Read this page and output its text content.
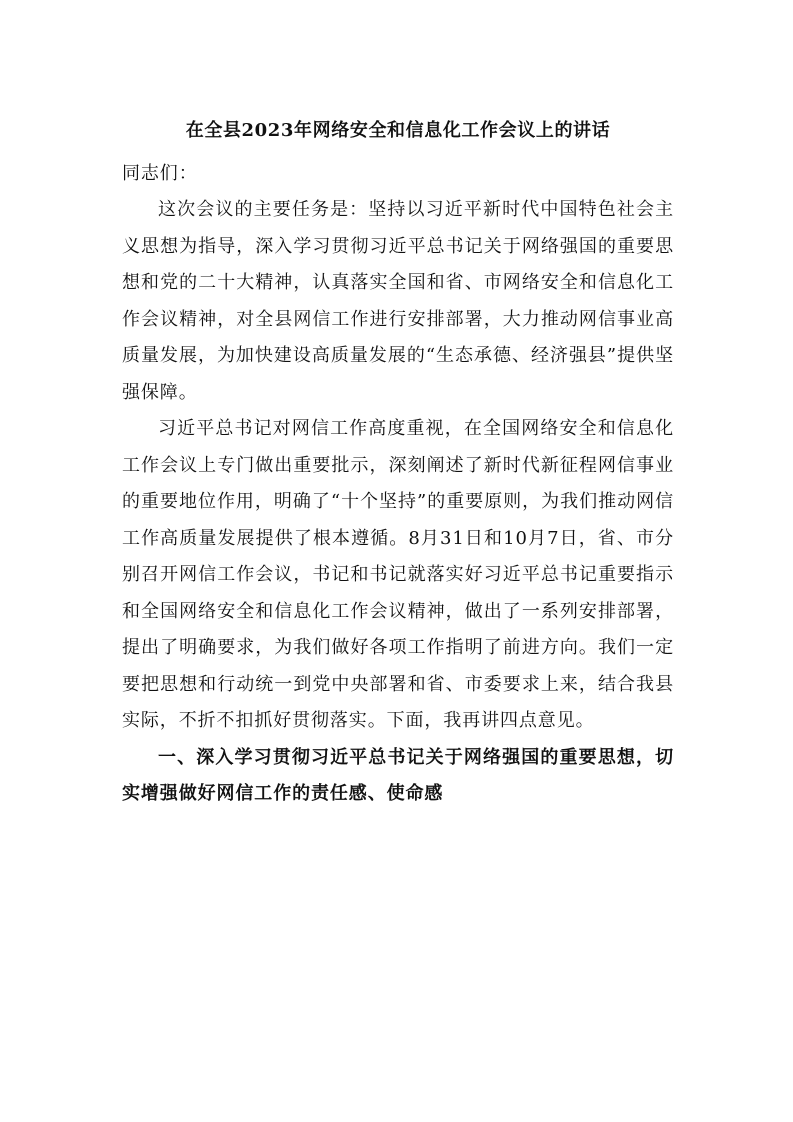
在全县2023年网络安全和信息化工作会议上的讲话

同志们：

这次会议的主要任务是：坚持以习近平新时代中国特色社会主义思想为指导，深入学习贯彻习近平总书记关于网络强国的重要思想和党的二十大精神，认真落实全国和省、市网络安全和信息化工作会议精神，对全县网信工作进行安排部署，大力推动网信事业高质量发展，为加快建设高质量发展的“生态承德、经济强县”提供坚强保障。

习近平总书记对网信工作高度重视，在全国网络安全和信息化工作会议上专门做出重要批示，深刻阐述了新时代新征程网信事业的重要地位作用，明确了“十个坚持”的重要原则，为我们推动网信工作高质量发展提供了根本遵循。8月31日和10月7日，省、市分别召开网信工作会议，书记和书记就落实好习近平总书记重要指示和全国网络安全和信息化工作会议精神，做出了一系列安排部署，提出了明确要求，为我们做好各项工作指明了前进方向。我们一定要把思想和行动统一到党中央部署和省、市委要求上来，结合我县实际，不折不扣抓好贯彻落实。下面，我再讲四点意见。

一、深入学习贯彻习近平总书记关于网络强国的重要思想，切实增强做好网信工作的责任感、使命感
